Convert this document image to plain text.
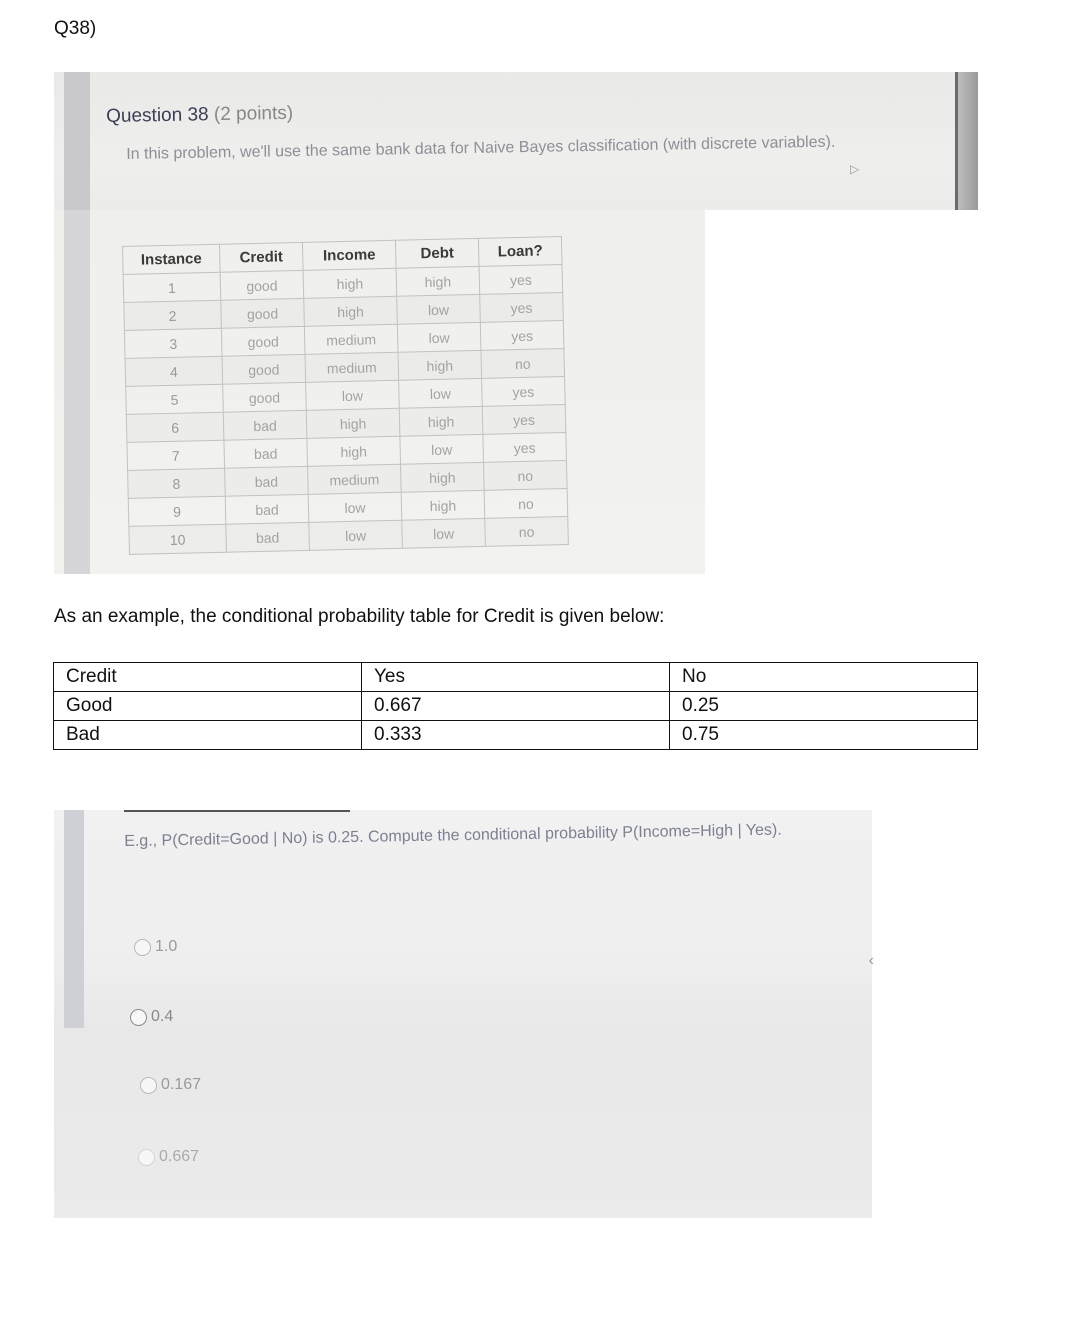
Q38)
Question 38 (2 points)
In this problem, we'll use the same bank data for Naive Bayes classification (with discrete variables).
▷
Instance	Credit	Income	Debt	Loan?
1	good	high	high	yes
2	good	high	low	yes
3	good	medium	low	yes
4	good	medium	high	no
5	good	low	low	yes
6	bad	high	high	yes
7	bad	high	low	yes
8	bad	medium	high	no
9	bad	low	high	no
10	bad	low	low	no
As an example, the conditional probability table for Credit is given below:
Credit	Yes	No
Good	0.667	0.25
Bad	0.333	0.75
E.g., P(Credit=Good | No) is 0.25. Compute the conditional probability P(Income=High | Yes).
1.0
0.4
0.167
0.667
‹
